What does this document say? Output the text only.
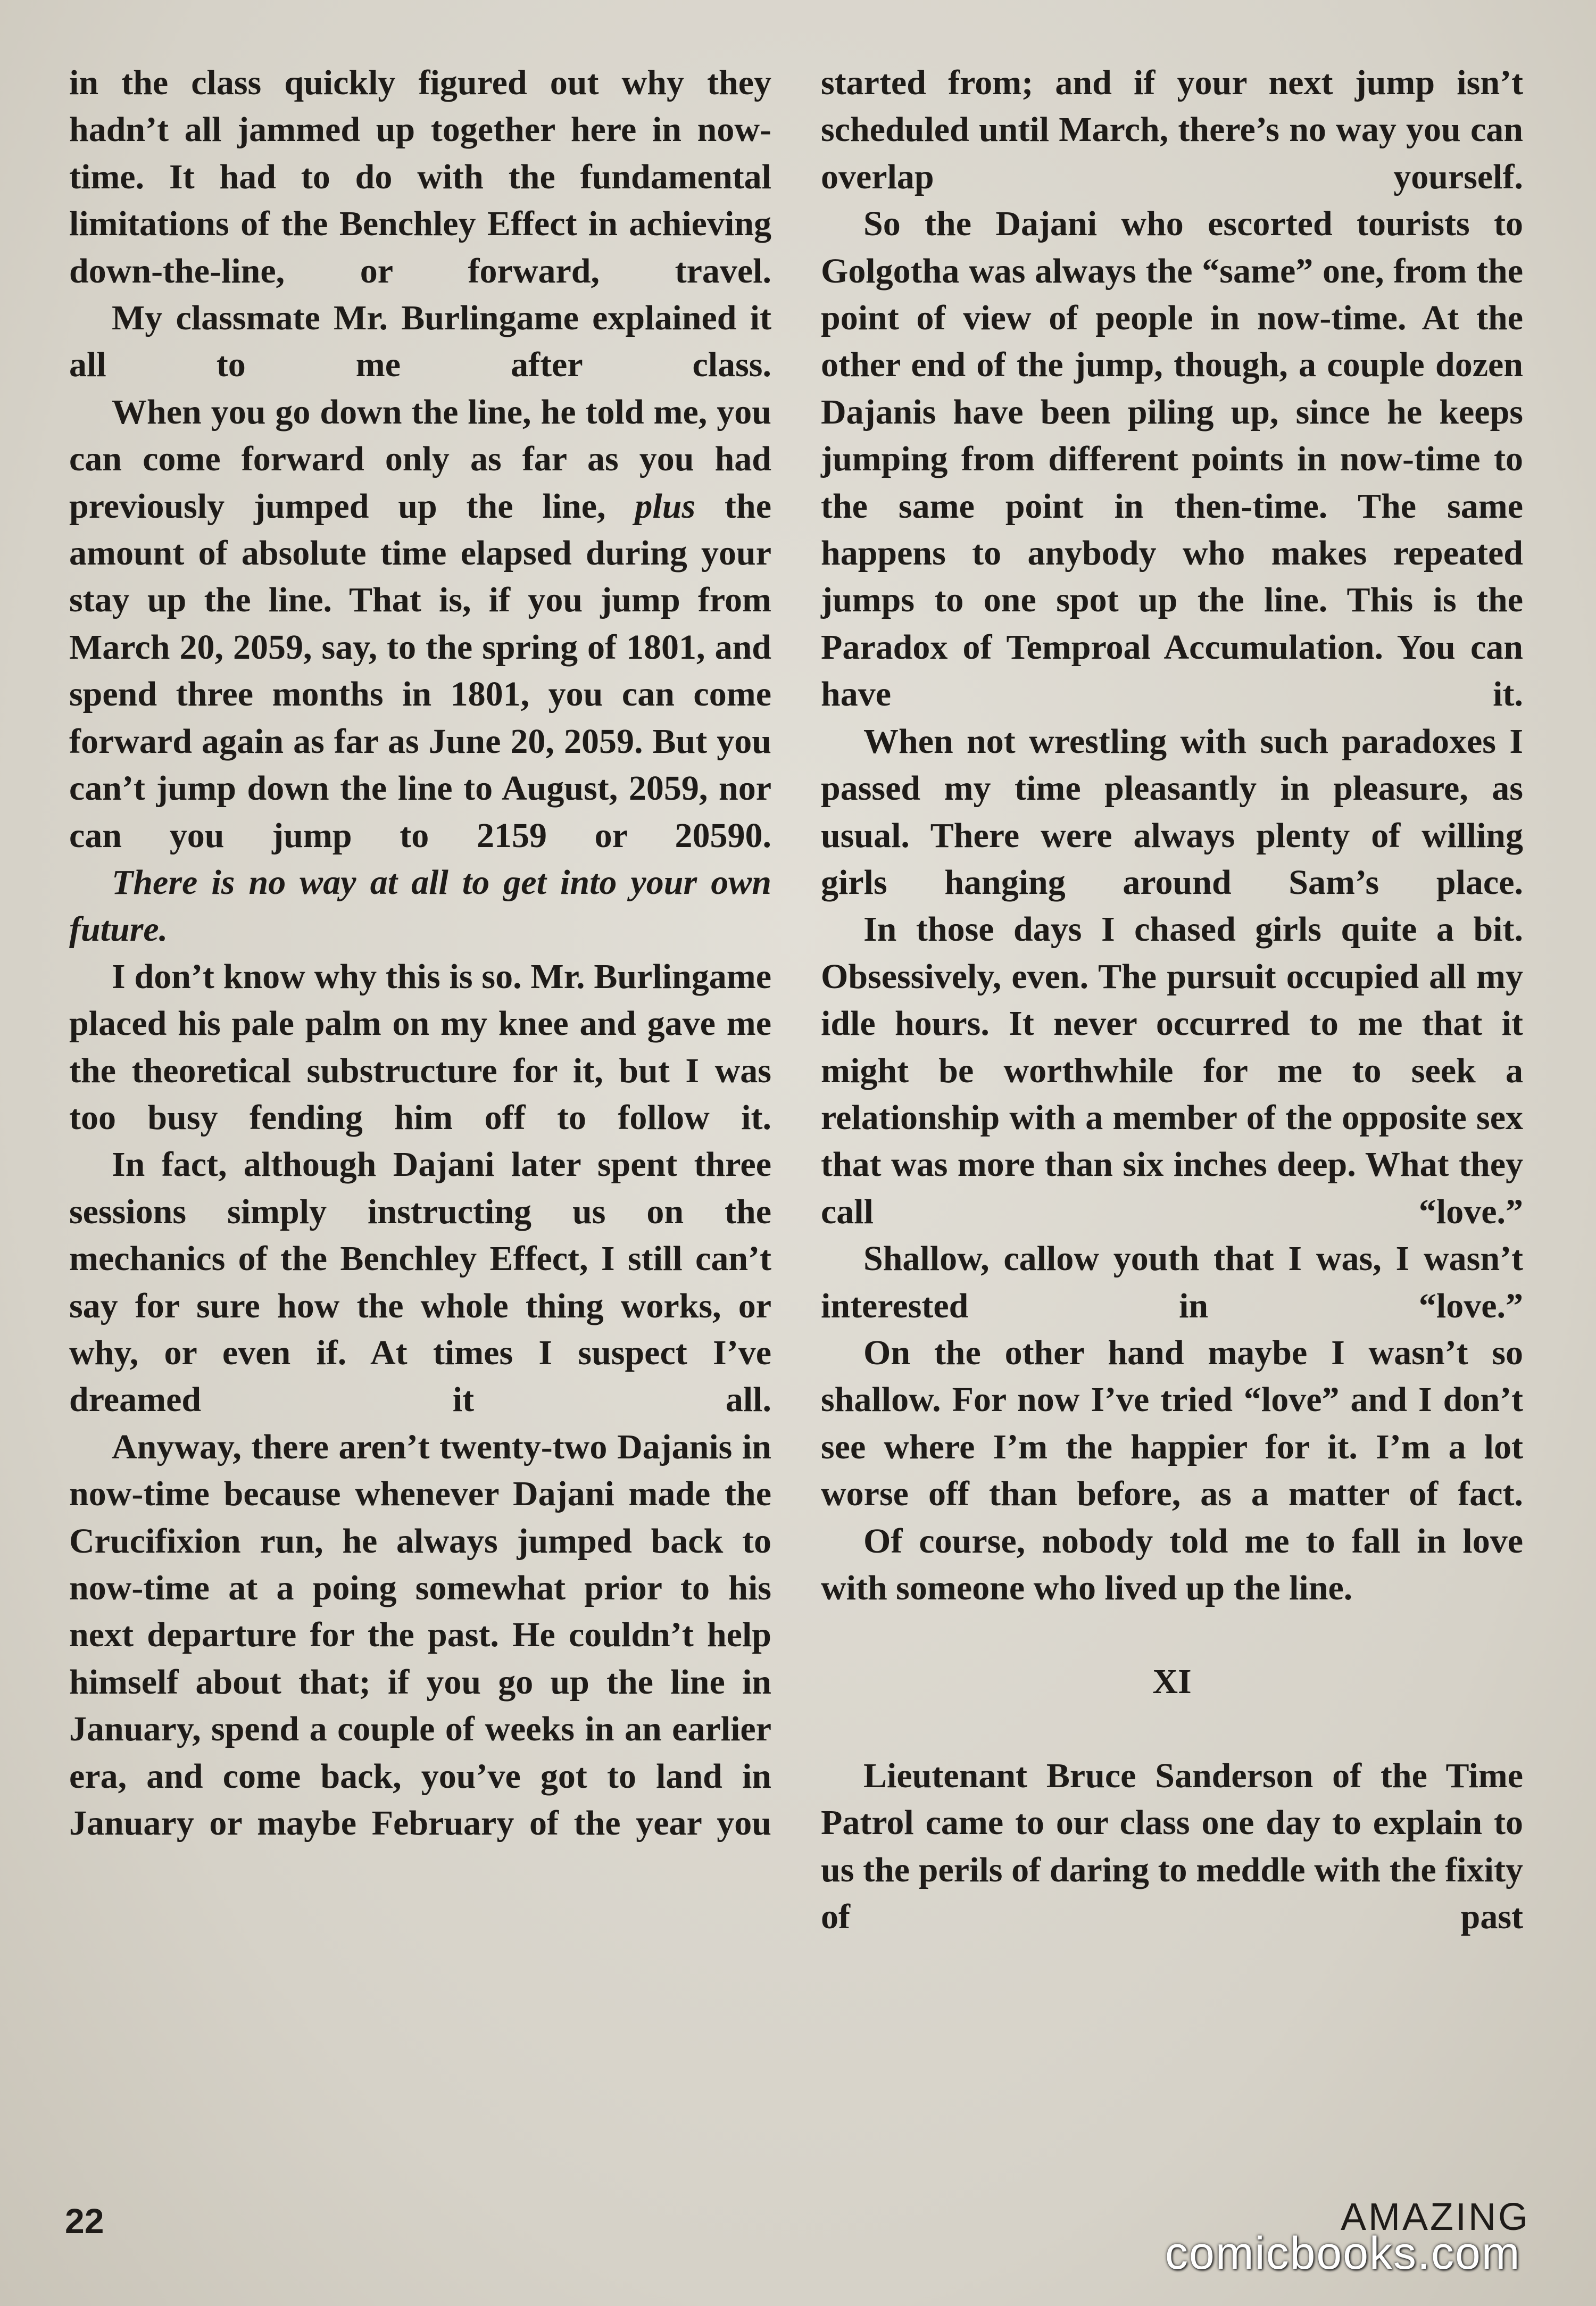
in the class quickly figured out why they hadn’t all jammed up together here in now-time. It had to do with the fundamental limitations of the Benchley Effect in achieving down-the-line, or forward, travel.

My classmate Mr. Burlingame explained it all to me after class.

When you go down the line, he told me, you can come forward only as far as you had previously jumped up the line, plus the amount of absolute time elapsed during your stay up the line. That is, if you jump from March 20, 2059, say, to the spring of 1801, and spend three months in 1801, you can come forward again as far as June 20, 2059. But you can’t jump down the line to August, 2059, nor can you jump to 2159 or 20590.

There is no way at all to get into your own future.

I don’t know why this is so. Mr. Burlingame placed his pale palm on my knee and gave me the theoretical substructure for it, but I was too busy fending him off to follow it.

In fact, although Dajani later spent three sessions simply instructing us on the mechanics of the Benchley Effect, I still can’t say for sure how the whole thing works, or why, or even if. At times I suspect I’ve dreamed it all.

Anyway, there aren’t twenty-two Dajanis in now-time because whenever Dajani made the Crucifixion run, he always jumped back to now-time at a poing somewhat prior to his next departure for the past. He couldn’t help himself about that; if you go up the line in January, spend a couple of weeks in an earlier era, and come back, you’ve got to land in January or maybe February of the year you

started from; and if your next jump isn’t scheduled until March, there’s no way you can overlap yourself.

So the Dajani who escorted tourists to Golgotha was always the “same” one, from the point of view of people in now-time. At the other end of the jump, though, a couple dozen Dajanis have been piling up, since he keeps jumping from different points in now-time to the same point in then-time. The same happens to anybody who makes repeated jumps to one spot up the line. This is the Paradox of Temproal Accumulation. You can have it.

When not wrestling with such paradoxes I passed my time pleasantly in pleasure, as usual. There were always plenty of willing girls hanging around Sam’s place.

In those days I chased girls quite a bit. Obsessively, even. The pursuit occupied all my idle hours. It never occurred to me that it might be worthwhile for me to seek a relationship with a member of the opposite sex that was more than six inches deep. What they call “love.”

Shallow, callow youth that I was, I wasn’t interested in “love.”

On the other hand maybe I wasn’t so shallow. For now I’ve tried “love” and I don’t see where I’m the happier for it. I’m a lot worse off than before, as a matter of fact.

Of course, nobody told me to fall in love with someone who lived up the line.

XI

Lieutenant Bruce Sanderson of the Time Patrol came to our class one day to explain to us the perils of daring to meddle with the fixity of past

22	AMAZING
comicbooks.com
